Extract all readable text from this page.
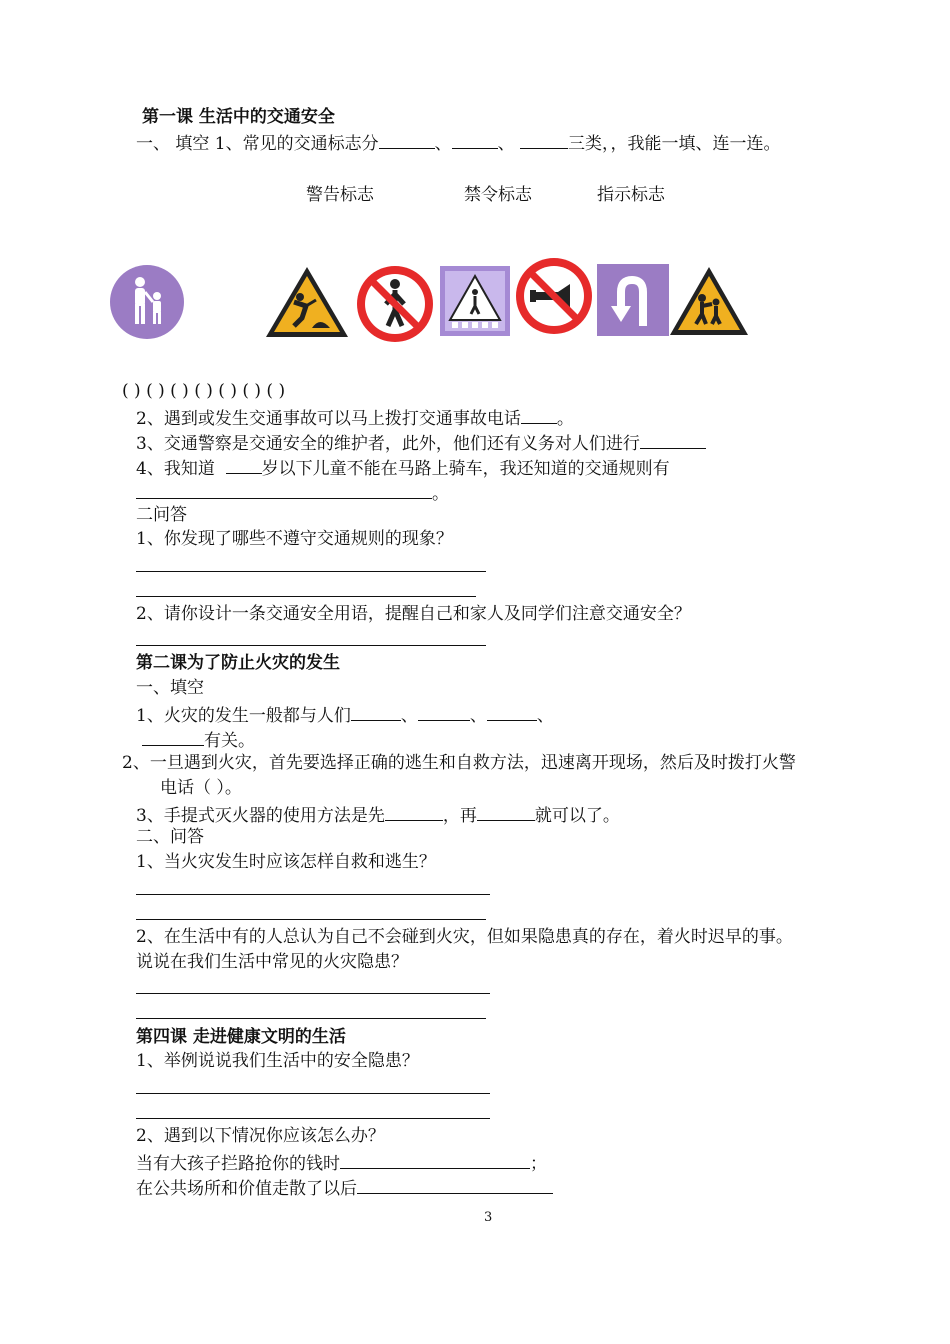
第一课 生活中的交通安全
一、 填空 1、常见的交通标志分	、	、	三类，，我能一填、连一连。
警告标志	禁令标志	指示标志
( ) ( ) ( ) ( ) ( ) ( ) ( )
2、遇到或发生交通事故可以马上拨打交通事故电话 。
3、交通警察是交通安全的维护者，此外，他们还有义务对人们进行
4、我知道	岁以下儿童不能在马路上骑车，我还知道的交通规则有
。
二问答
1、你发现了哪些不遵守交通规则的现象？
2、请你设计一条交通安全用语，提醒自己和家人及同学们注意交通安全？
第二课为了防止火灾的发生
一、填空
1、火灾的发生一般都与人们	、	、	、
有关。
2、一旦遇到火灾，首先要选择正确的逃生和自救方法，迅速离开现场，然后及时拨打火警
电话（ ）。
3、手提式灭火器的使用方法是先	，再	就可以了。
二、问答
1、当火灾发生时应该怎样自救和逃生？
2、在生活中有的人总认为自己不会碰到火灾，但如果隐患真的存在，着火时迟早的事。
说说在我们生活中常见的火灾隐患？
第四课 走进健康文明的生活
1、举例说说我们生活中的安全隐患？
2、遇到以下情况你应该怎么办？
当有大孩子拦路抢你的钱时	；
在公共场所和价值走散了以后
3
